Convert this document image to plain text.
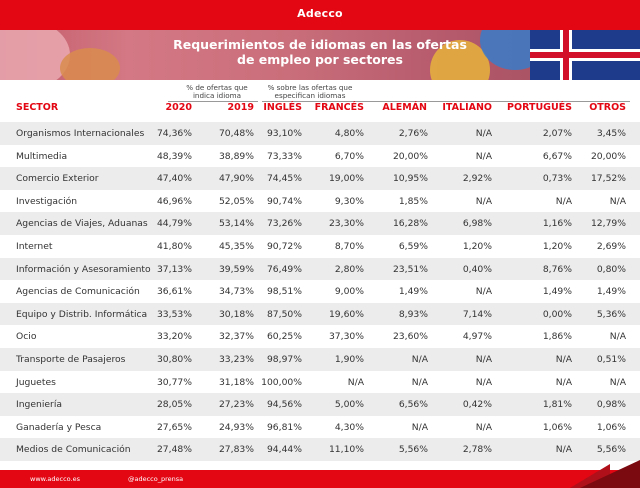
Adecco
Requerimientos de idiomas en las ofertas
de empleo por sectores
% de ofertas que
indica idioma
% sobre las ofertas que
especifican idiomas
SECTOR	2020	2019 INGLÉS FRANCÉS	ALEMÁN	ITALIANO	PORTUGUÉS	OTROS
Organismos Internacionales	74,36%	70,48%	93,10%	4,80%	2,76%	N/A	2,07%	3,45%
Multimedia	48,39%	38,89%	73,33%	6,70%	20,00%	N/A	6,67%	20,00%
Comercio Exterior	47,40%	47,90%	74,45%	19,00%	10,95%	2,92%	0,73%	17,52%
Investigación	46,96%	52,05%	90,74%	9,30%	1,85%	N/A	N/A	N/A
Agencias de Viajes, Aduanas	44,79%	53,14%	73,26%	23,30%	16,28%	6,98%	1,16%	12,79%
Internet	41,80%	45,35%	90,72%	8,70%	6,59%	1,20%	1,20%	2,69%
Información y Asesoramiento 37,13%	39,59%	76,49%	2,80%	23,51%	0,40%	8,76%	0,80%
Agencias de Comunicación	36,61%	34,73%	98,51%	9,00%	1,49%	N/A	1,49%	1,49%
Equipo y Distrib. Informática	33,53%	30,18%	87,50%	19,60%	8,93%	7,14%	0,00%	5,36%
Ocio	33,20%	32,37%	60,25%	37,30%	23,60%	4,97%	1,86%	N/A
Transporte de Pasajeros	30,80%	33,23%	98,97%	1,90%	N/A	N/A	N/A	0,51%
Juguetes	30,77%	31,18% 100,00%	N/A	N/A	N/A	N/A	N/A
Ingeniería	28,05%	27,23%	94,56%	5,00%	6,56%	0,42%	1,81%	0,98%
Ganadería y Pesca	27,65%	24,93%	96,81%	4,30%	N/A	N/A	1,06%	1,06%
Medios de Comunicación	27,48%	27,83%	94,44%	11,10%	5,56%	2,78%	N/A	5,56%
www.adecco.es	@adecco_prensa
